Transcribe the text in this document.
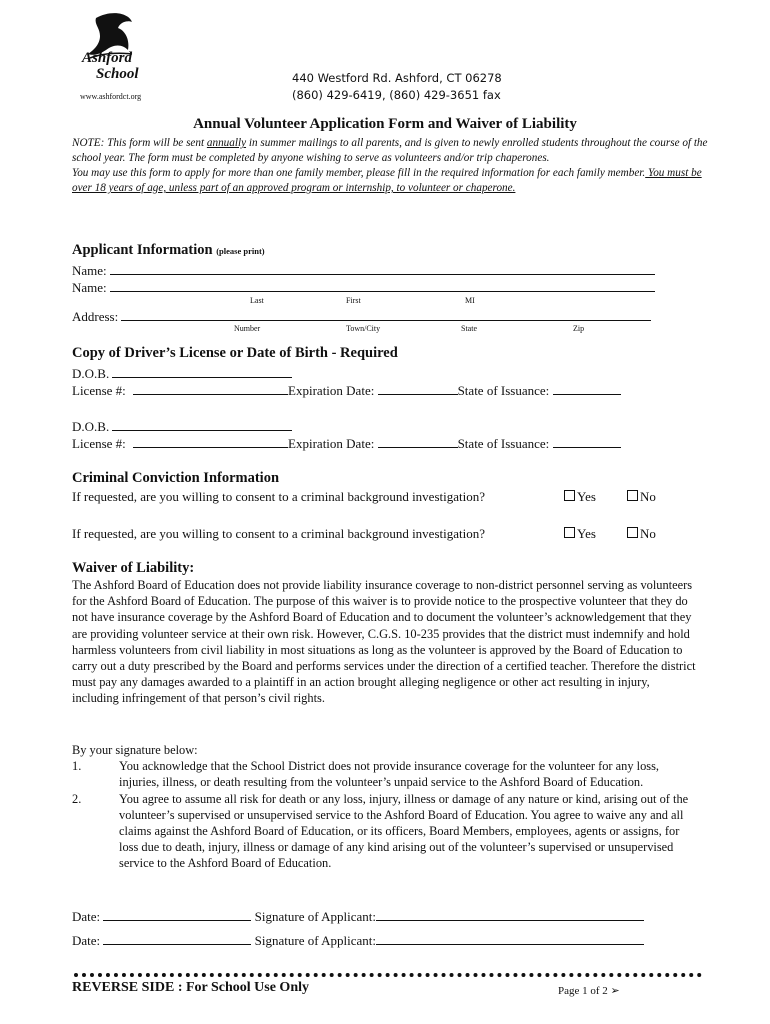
Ashford
School
www.ashfordct.org
440 Westford Rd. Ashford, CT 06278
(860) 429-6419, (860) 429-3651 fax
Annual Volunteer Application Form and Waiver of Liability
NOTE: This form will be sent annually in summer mailings to all parents, and is given to newly enrolled students throughout the course of the school year. The form must be completed by anyone wishing to serve as volunteers and/or trip chaperones.
You may use this form to apply for more than one family member, please fill in the required information for each family member. You must be over 18 years of age, unless part of an approved program or internship, to volunteer or chaperone.
Applicant Information (please print)
Name:
Name:
Last	First	MI
Address:
Number	Town/City	State	Zip
Copy of Driver’s License or Date of Birth - Required
D.O.B.
License #:	Expiration Date:	State of Issuance:
D.O.B.
License #:	Expiration Date:	State of Issuance:
Criminal Conviction Information
If requested, are you willing to consent to a criminal background investigation?	Yes	No
If requested, are you willing to consent to a criminal background investigation?	Yes	No
Waiver of Liability:
The Ashford Board of Education does not provide liability insurance coverage to non-district personnel serving as volunteers for the Ashford Board of Education. The purpose of this waiver is to provide notice to the prospective volunteer that they do not have insurance coverage by the Ashford Board of Education and to document the volunteer’s acknowledgement that they are providing volunteer service at their own risk. However, C.G.S. 10-235 provides that the district must indemnify and hold harmless volunteers from civil liability in most situations as long as the volunteer is approved by the Board of Education to carry out a duty prescribed by the Board and performs services under the direction of a certified teacher. Therefore the district must pay any damages awarded to a plaintiff in an action brought alleging negligence or other act resulting in injury, including infringement of that person’s civil rights.
By your signature below:
1.	You acknowledge that the School District does not provide insurance coverage for the volunteer for any loss, injuries, illness, or death resulting from the volunteer’s unpaid service to the Ashford Board of Education.
2.	You agree to assume all risk for death or any loss, injury, illness or damage of any nature or kind, arising out of the volunteer’s supervised or unsupervised service to the Ashford Board of Education. You agree to waive any and all claims against the Ashford Board of Education, or its officers, Board Members, employees, agents or assigns, for loss due to death, injury, illness or damage of any kind arising out of the volunteer’s supervised or unsupervised service to the Ashford Board of Education.
Date:	Signature of Applicant:
Date:	Signature of Applicant:
REVERSE SIDE : For School Use Only	Page 1 of 2 ➢
